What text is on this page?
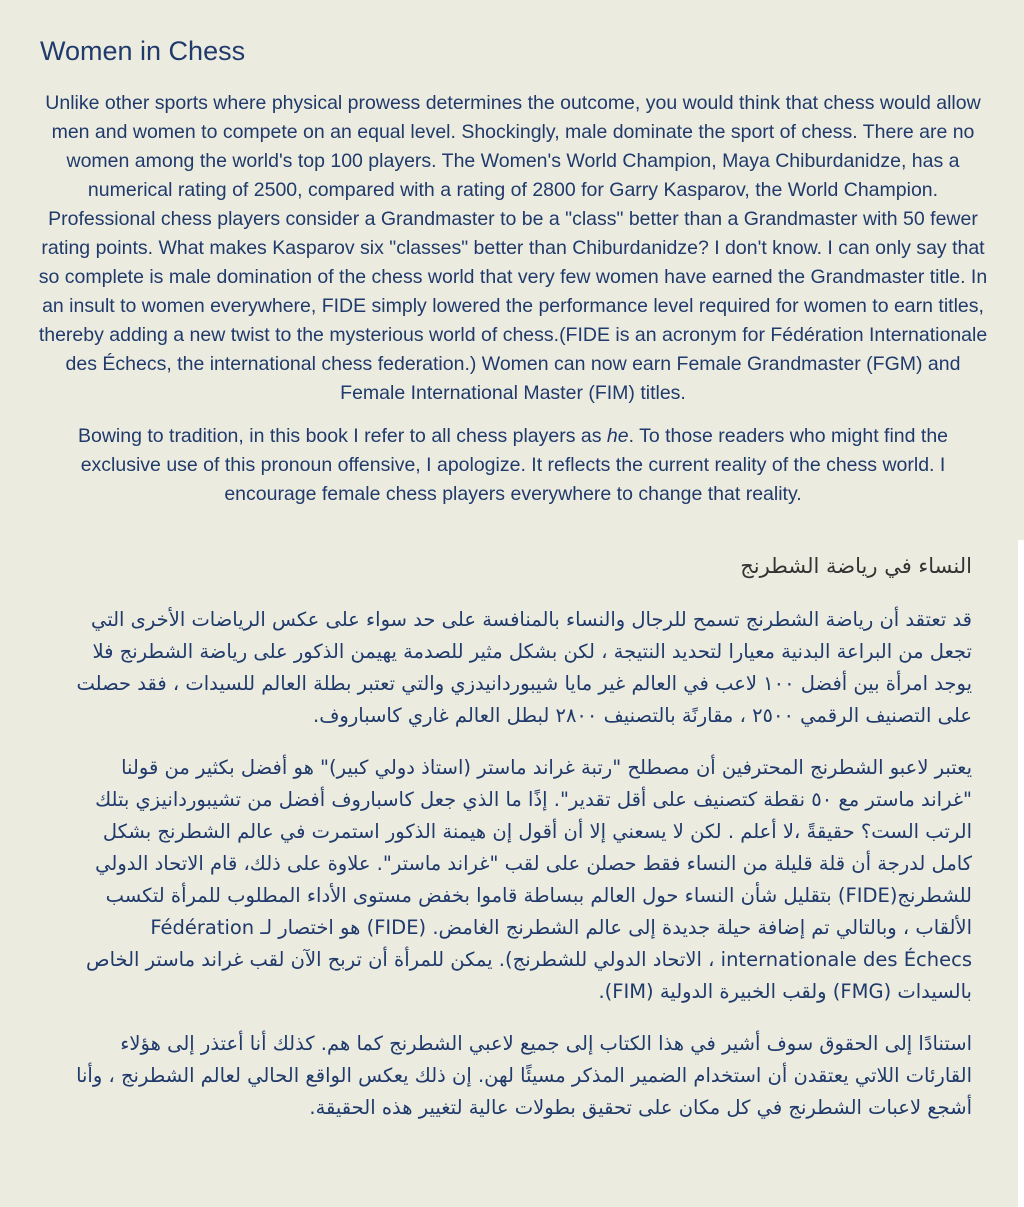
Women in Chess

Unlike other sports where physical prowess determines the outcome, you would think that chess would allow men and women to compete on an equal level. Shockingly, male dominate the sport of chess. There are no women among the world's top 100 players. The Women's World Champion, Maya Chiburdanidze, has a numerical rating of 2500, compared with a rating of 2800 for Garry Kasparov, the World Champion. Professional chess players consider a Grandmaster to be a "class" better than a Grandmaster with 50 fewer rating points. What makes Kasparov six "classes" better than Chiburdanidze? I don't know. I can only say that so complete is male domination of the chess world that very few women have earned the Grandmaster title. In an insult to women everywhere, FIDE simply lowered the performance level required for women to earn titles, thereby adding a new twist to the mysterious world of chess.(FIDE is an acronym for Fédération Internationale des Échecs, the international chess federation.) Women can now earn Female Grandmaster (FGM) and Female International Master (FIM) titles.

Bowing to tradition, in this book I refer to all chess players as he. To those readers who might find the exclusive use of this pronoun offensive, I apologize. It reflects the current reality of the chess world. I encourage female chess players everywhere to change that reality.

النساء في رياضة الشطرنج

قد تعتقد أن رياضة الشطرنج تسمح للرجال والنساء بالمنافسة على حد سواء على عكس الرياضات الأخرى التي تجعل من البراعة البدنية معيارا لتحديد النتيجة ، لكن بشكل مثير للصدمة يهيمن الذكور على رياضة الشطرنج فلا يوجد امرأة بين أفضل ١٠٠ لاعب في العالم غير مايا شيبوردانيدزي والتي تعتبر بطلة العالم للسيدات ، فقد حصلت على التصنيف الرقمي ٢٥٠٠ ، مقارنًة بالتصنيف ٢٨٠٠ لبطل العالم غاري كاسباروف.

يعتبر لاعبو الشطرنج المحترفين أن مصطلح "رتبة غراند ماستر (استاذ دولي كبير)" هو أفضل بكثير من قولنا "غراند ماستر مع ٥٠ نقطة كتصنيف على أقل تقدير". إذًا ما الذي جعل كاسباروف أفضل من تشيبوردانيزي بتلك الرتب الست؟ حقيقةً ،لا أعلم . لكن لا يسعني إلا أن أقول إن هيمنة الذكور استمرت في عالم الشطرنج بشكل كامل لدرجة أن قلة قليلة من النساء فقط حصلن على لقب "غراند ماستر". علاوة على ذلك، قام الاتحاد الدولي للشطرنج(FIDE) بتقليل شأن النساء حول العالم ببساطة قاموا بخفض مستوى الأداء المطلوب للمرأة لتكسب الألقاب ، وبالتالي تم إضافة حيلة جديدة إلى عالم الشطرنج الغامض. (FIDE) هو اختصار لـ Fédération internationale des Échecs ، الاتحاد الدولي للشطرنج). يمكن للمرأة أن تربح الآن لقب غراند ماستر الخاص بالسيدات (FMG) ولقب الخبيرة الدولية (FIM).

استنادًا إلى الحقوق سوف أشير في هذا الكتاب إلى جميع لاعبي الشطرنج كما هم. كذلك أنا أعتذر إلى هؤلاء القارئات اللاتي يعتقدن أن استخدام الضمير المذكر مسيئًا لهن. إن ذلك يعكس الواقع الحالي لعالم الشطرنج ، وأنا أشجع لاعبات الشطرنج في كل مكان على تحقيق بطولات عالية لتغيير هذه الحقيقة.
